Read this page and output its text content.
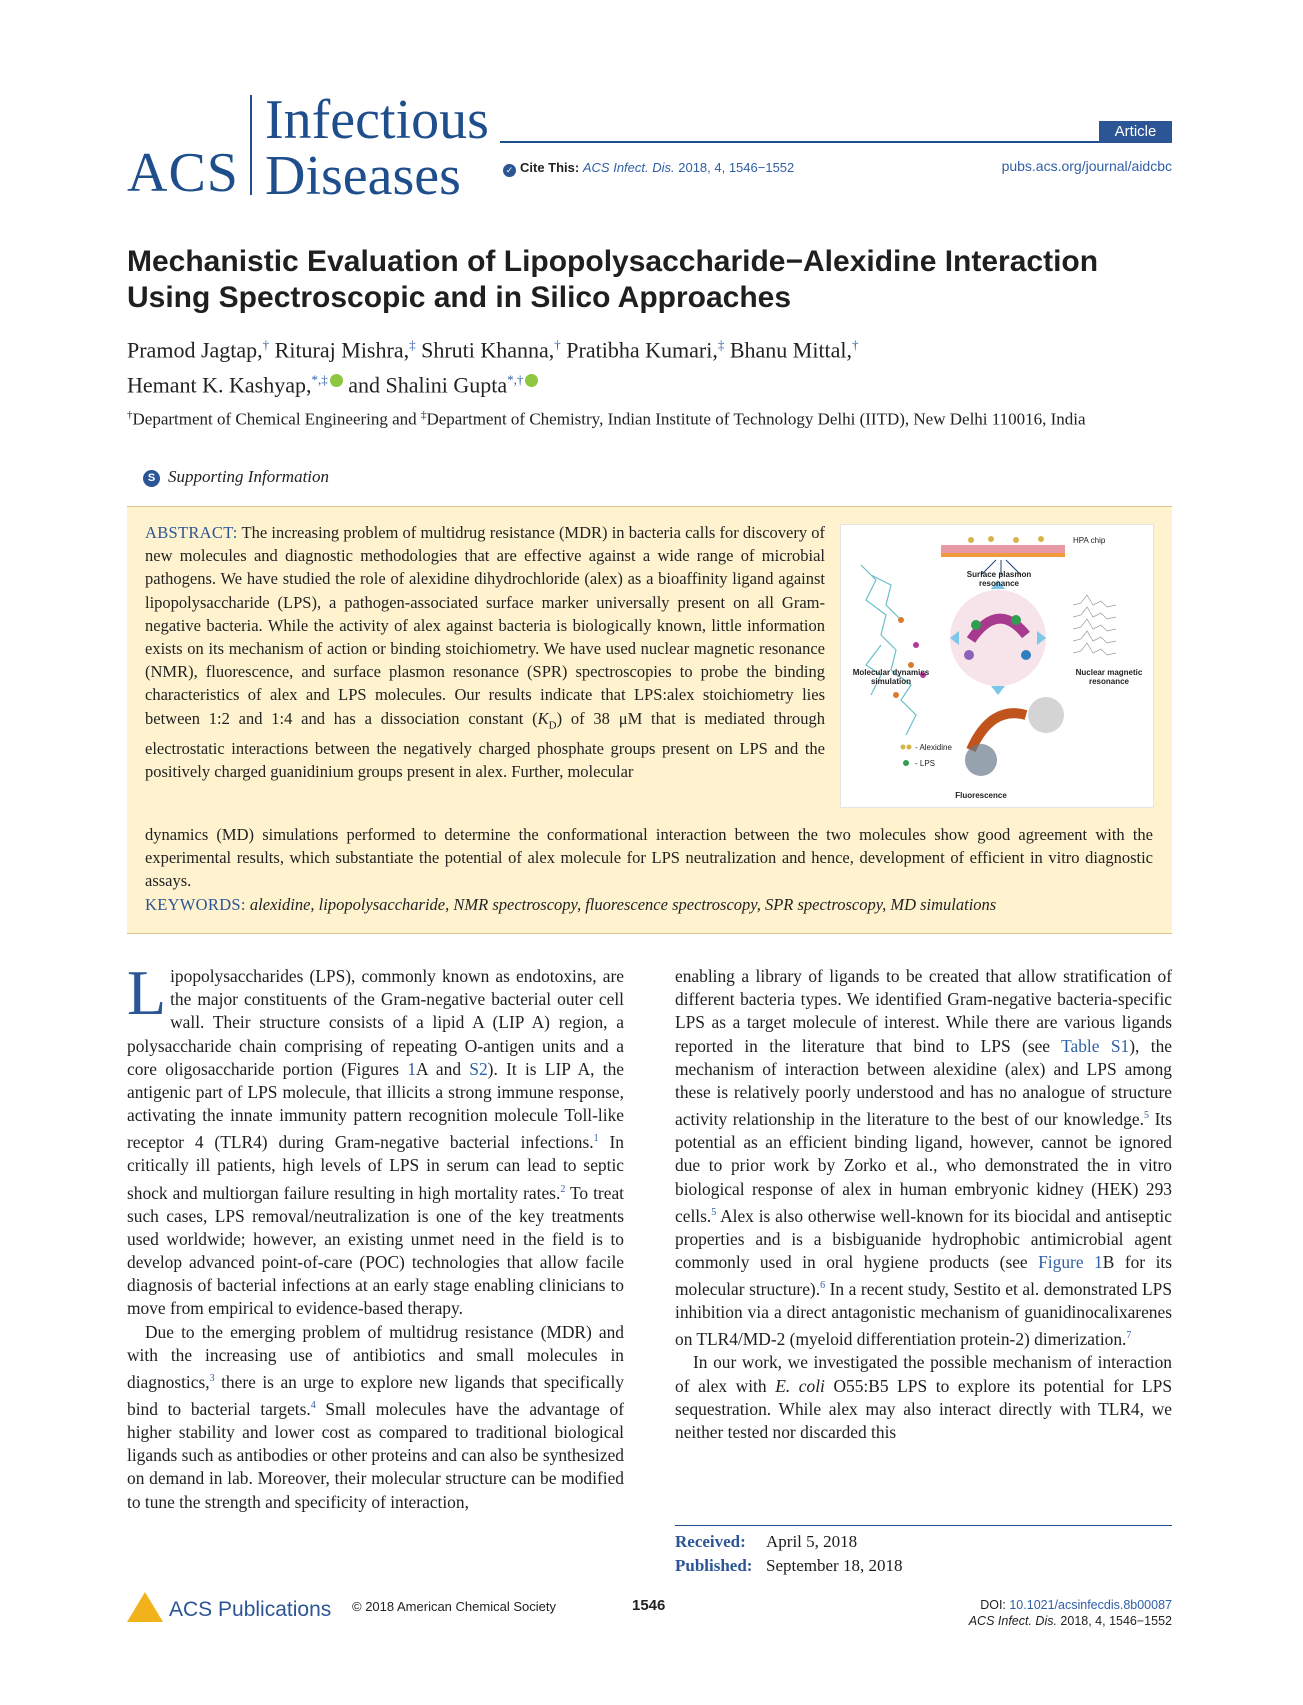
ACS
Infectious
Diseases
Article
✓ Cite This: ACS Infect. Dis. 2018, 4, 1546−1552	pubs.acs.org/journal/aidcbc
Mechanistic Evaluation of Lipopolysaccharide−Alexidine Interaction Using Spectroscopic and in Silico Approaches
Pramod Jagtap,† Rituraj Mishra,‡ Shruti Khanna,† Pratibha Kumari,‡ Bhanu Mittal,†
Hemant K. Kashyap,*,‡ and Shalini Gupta*,†
†Department of Chemical Engineering and ‡Department of Chemistry, Indian Institute of Technology Delhi (IITD), New Delhi 110016, India
S Supporting Information
ABSTRACT: The increasing problem of multidrug resistance (MDR) in bacteria calls for discovery of new molecules and diagnostic methodologies that are effective against a wide range of microbial pathogens. We have studied the role of alexidine dihydrochloride (alex) as a bioaffinity ligand against lipopolysaccharide (LPS), a pathogen-associated surface marker universally present on all Gram-negative bacteria. While the activity of alex against bacteria is biologically known, little information exists on its mechanism of action or binding stoichiometry. We have used nuclear magnetic resonance (NMR), fluorescence, and surface plasmon resonance (SPR) spectroscopies to probe the binding characteristics of alex and LPS molecules. Our results indicate that LPS:alex stoichiometry lies between 1:2 and 1:4 and has a dissociation constant $(K_D)$ of 38 μM that is mediated through electrostatic interactions between the negatively charged phosphate groups present on LPS and the positively charged guanidinium groups present in alex. Further, molecular
dynamics (MD) simulations performed to determine the conformational interaction between the two molecules show good agreement with the experimental results, which substantiate the potential of alex molecule for LPS neutralization and hence, development of efficient in vitro diagnostic assays.
KEYWORDS: alexidine, lipopolysaccharide, NMR spectroscopy, fluorescence spectroscopy, SPR spectroscopy, MD simulations
HPA chip
Surface plasmon resonance
Molecular dynamics simulation
Nuclear magnetic resonance
Fluorescence
- Alexidine
- LPS

Lipopolysaccharides (LPS), commonly known as endotoxins, are the major constituents of the Gram-negative bacterial outer cell wall. Their structure consists of a lipid A (LIP A) region, a polysaccharide chain comprising of repeating O-antigen units and a core oligosaccharide portion (Figures 1A and S2). It is LIP A, the antigenic part of LPS molecule, that illicits a strong immune response, activating the innate immunity pattern recognition molecule Toll-like receptor 4 (TLR4) during Gram-negative bacterial infections.$^1$ In critically ill patients, high levels of LPS in serum can lead to septic shock and multiorgan failure resulting in high mortality rates.$^2$ To treat such cases, LPS removal/neutralization is one of the key treatments used worldwide; however, an existing unmet need in the field is to develop advanced point-of-care (POC) technologies that allow facile diagnosis of bacterial infections at an early stage enabling clinicians to move from empirical to evidence-based therapy.

Due to the emerging problem of multidrug resistance (MDR) and with the increasing use of antibiotics and small molecules in diagnostics,$^3$ there is an urge to explore new ligands that specifically bind to bacterial targets.$^4$ Small molecules have the advantage of higher stability and lower cost as compared to traditional biological ligands such as antibodies or other proteins and can also be synthesized on demand in lab. Moreover, their molecular structure can be modified to tune the strength and specificity of interaction,

enabling a library of ligands to be created that allow stratification of different bacteria types. We identified Gram-negative bacteria-specific LPS as a target molecule of interest. While there are various ligands reported in the literature that bind to LPS (see Table S1), the mechanism of interaction between alexidine (alex) and LPS among these is relatively poorly understood and has no analogue of structure activity relationship in the literature to the best of our knowledge.$^5$ Its potential as an efficient binding ligand, however, cannot be ignored due to prior work by Zorko et al., who demonstrated the in vitro biological response of alex in human embryonic kidney (HEK) 293 cells.$^5$ Alex is also otherwise well-known for its biocidal and antiseptic properties and is a bisbiguanide hydrophobic antimicrobial agent commonly used in oral hygiene products (see Figure 1B for its molecular structure).$^6$ In a recent study, Sestito et al. demonstrated LPS inhibition via a direct antagonistic mechanism of guanidinocalixarenes on TLR4/MD-2 (myeloid differentiation protein-2) dimerization.$^7$

In our work, we investigated the possible mechanism of interaction of alex with E. coli O55:B5 LPS to explore its potential for LPS sequestration. While alex may also interact directly with TLR4, we neither tested nor discarded this

Received: April 5, 2018
Published: September 18, 2018
ACS Publications © 2018 American Chemical Society	1546	DOI: 10.1021/acsinfecdis.8b00087
ACS Infect. Dis. 2018, 4, 1546−1552
